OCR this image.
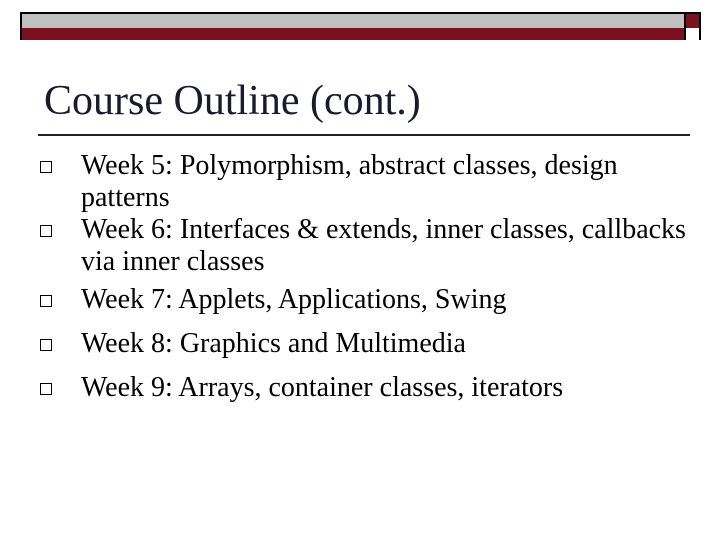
Course Outline (cont.)
Week 5: Polymorphism, abstract classes, design patterns
Week 6: Interfaces & extends, inner classes, callbacks via inner classes
Week 7: Applets, Applications, Swing
Week 8: Graphics and Multimedia
Week 9: Arrays, container classes, iterators
